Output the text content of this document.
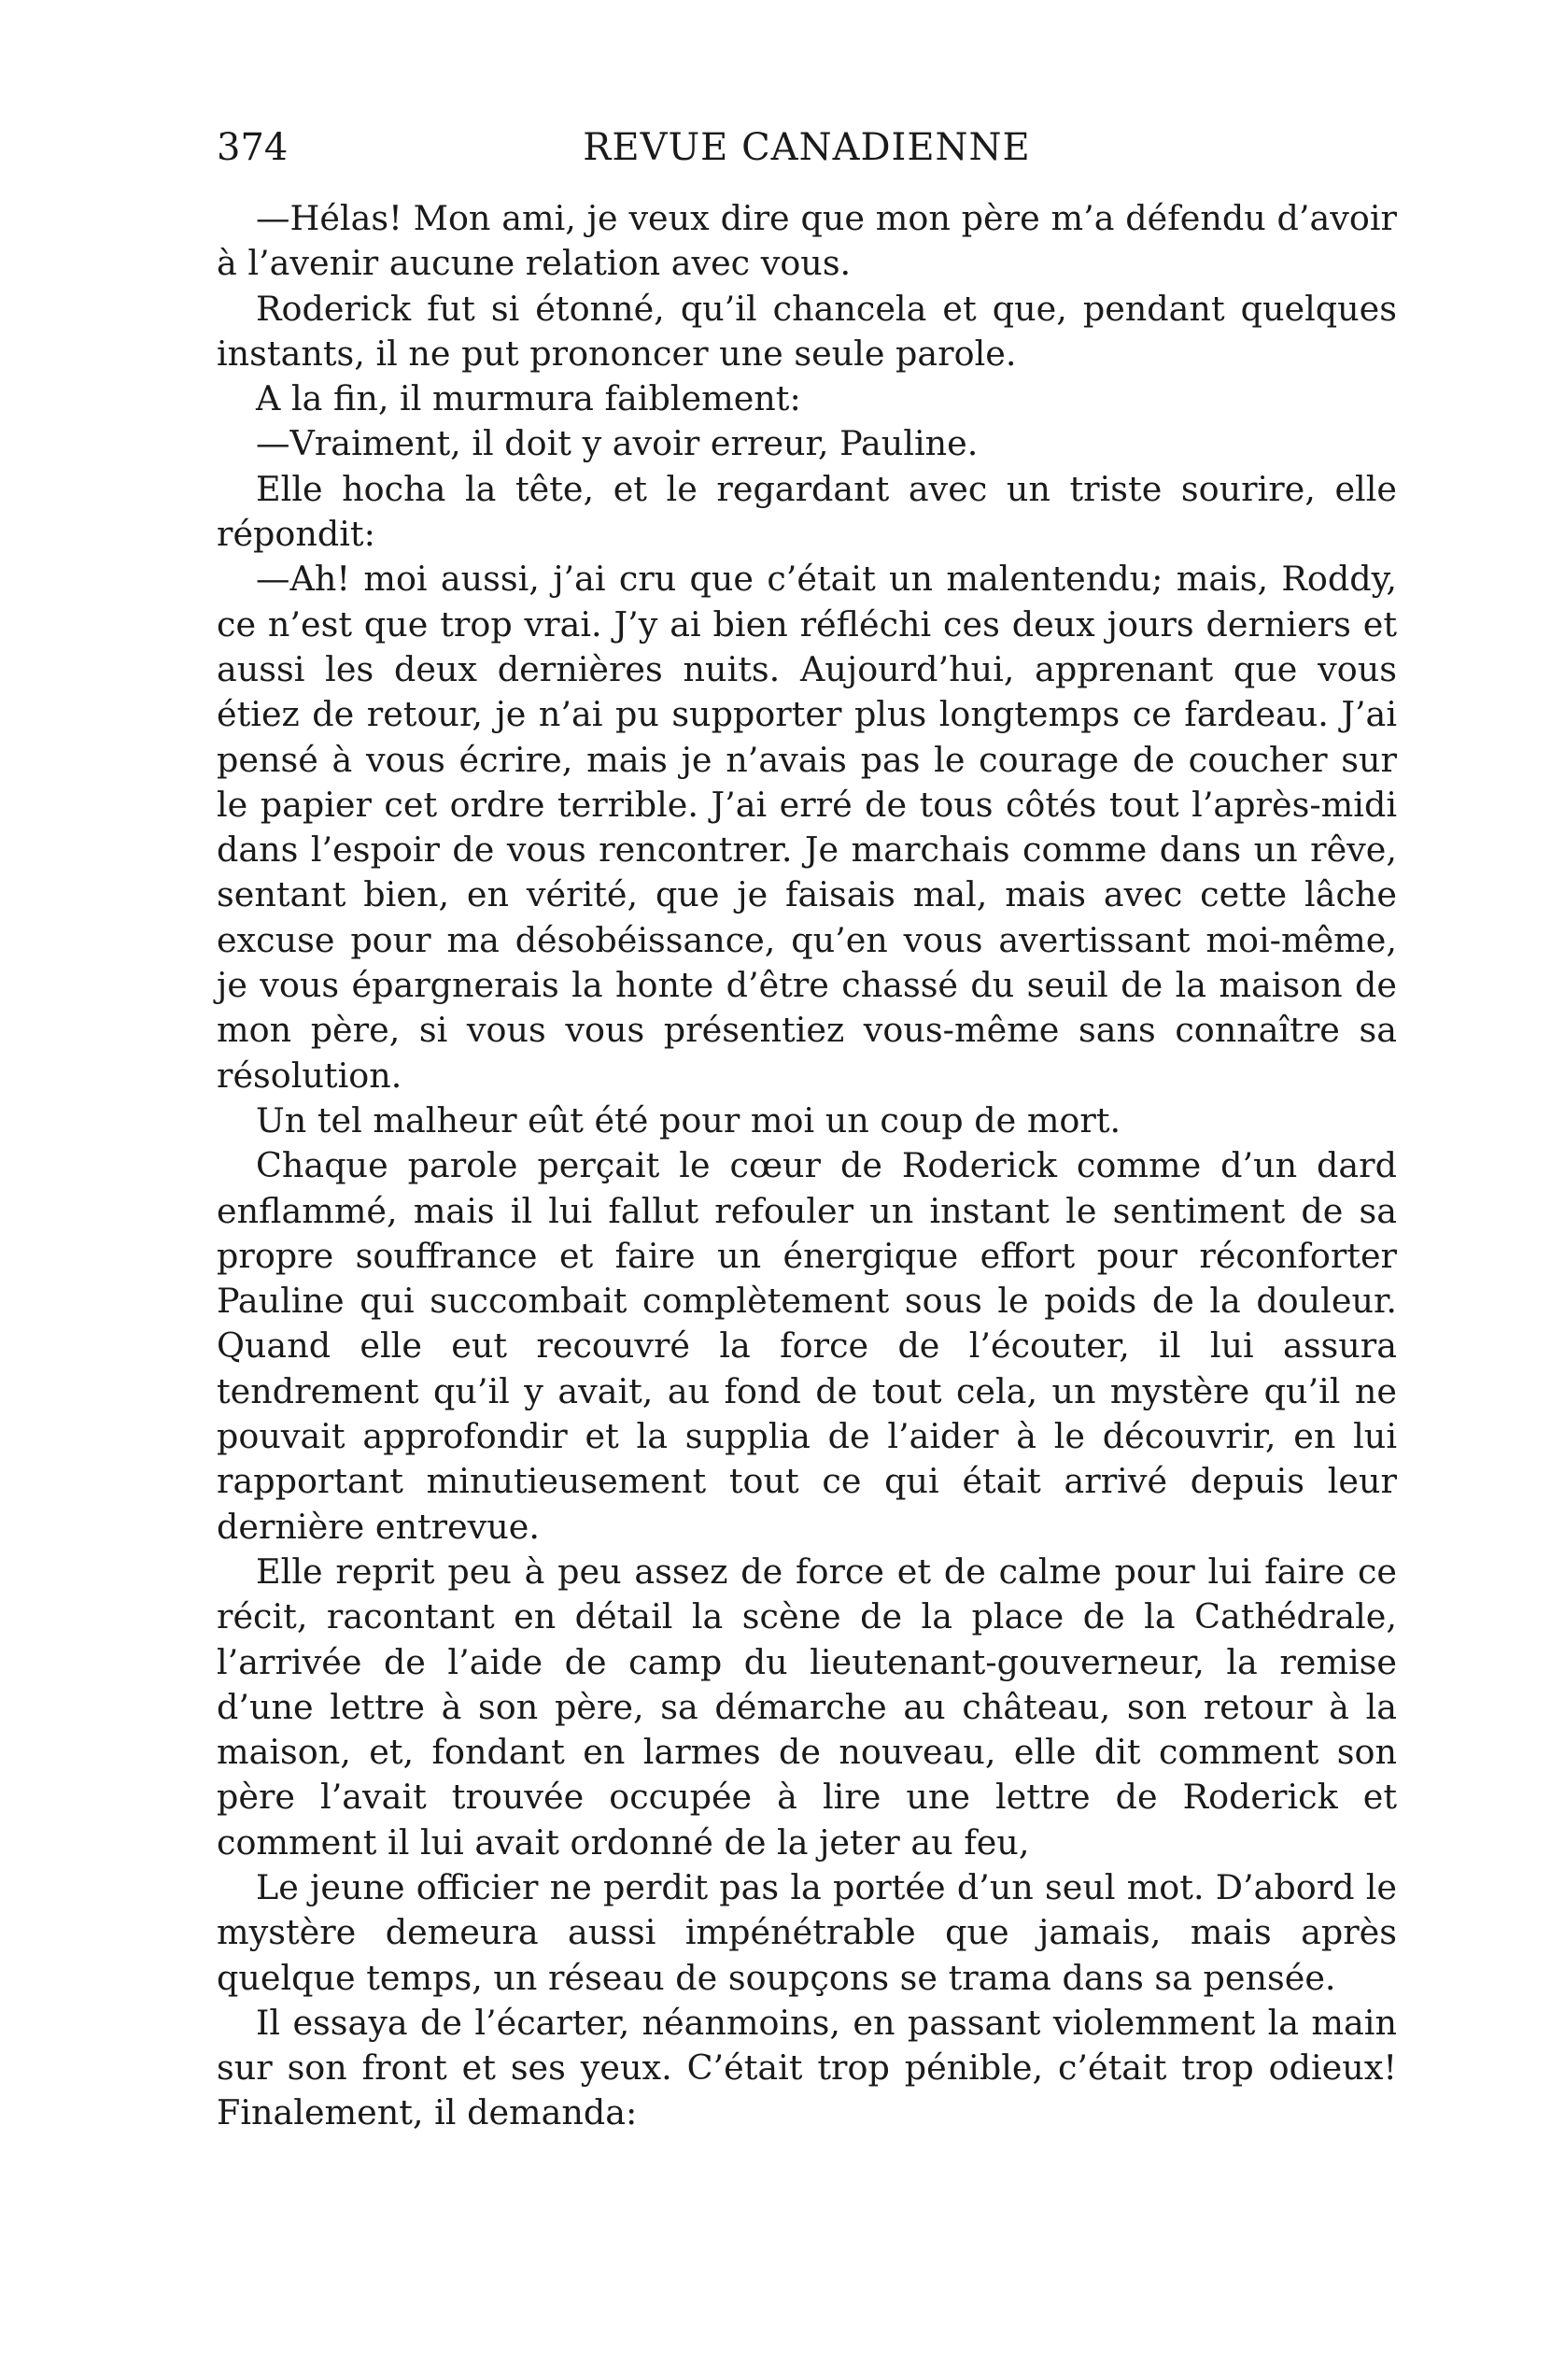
374	REVUE CANADIENNE

—Hélas! Mon ami, je veux dire que mon père m’a défendu d’avoir à l’avenir aucune relation avec vous.

Roderick fut si étonné, qu’il chancela et que, pendant quelques instants, il ne put prononcer une seule parole.

A la fin, il murmura faiblement:

—Vraiment, il doit y avoir erreur, Pauline.

Elle hocha la tête, et le regardant avec un triste sourire, elle répondit:

—Ah! moi aussi, j’ai cru que c’était un malentendu; mais, Roddy, ce n’est que trop vrai. J’y ai bien réfléchi ces deux jours derniers et aussi les deux dernières nuits. Aujourd’hui, apprenant que vous étiez de retour, je n’ai pu supporter plus longtemps ce fardeau. J’ai pensé à vous écrire, mais je n’avais pas le courage de coucher sur le papier cet ordre terrible. J’ai erré de tous côtés tout l’après-midi dans l’espoir de vous rencontrer. Je marchais comme dans un rêve, sentant bien, en vérité, que je faisais mal, mais avec cette lâche excuse pour ma désobéissance, qu’en vous avertissant moi-même, je vous épargnerais la honte d’être chassé du seuil de la maison de mon père, si vous vous présentiez vous-même sans connaître sa résolution.

Un tel malheur eût été pour moi un coup de mort.

Chaque parole perçait le cœur de Roderick comme d’un dard enflammé, mais il lui fallut refouler un instant le sentiment de sa propre souffrance et faire un énergique effort pour réconforter Pauline qui succombait complètement sous le poids de la douleur. Quand elle eut recouvré la force de l’écouter, il lui assura tendrement qu’il y avait, au fond de tout cela, un mystère qu’il ne pouvait approfondir et la supplia de l’aider à le découvrir, en lui rapportant minutieusement tout ce qui était arrivé depuis leur dernière entrevue.

Elle reprit peu à peu assez de force et de calme pour lui faire ce récit, racontant en détail la scène de la place de la Cathédrale, l’arrivée de l’aide de camp du lieutenant-gouverneur, la remise d’une lettre à son père, sa démarche au château, son retour à la maison, et, fondant en larmes de nouveau, elle dit comment son père l’avait trouvée occupée à lire une lettre de Roderick et comment il lui avait ordonné de la jeter au feu,

Le jeune officier ne perdit pas la portée d’un seul mot. D’abord le mystère demeura aussi impénétrable que jamais, mais après quelque temps, un réseau de soupçons se trama dans sa pensée.

Il essaya de l’écarter, néanmoins, en passant violemment la main sur son front et ses yeux. C’était trop pénible, c’était trop odieux! Finalement, il demanda:
